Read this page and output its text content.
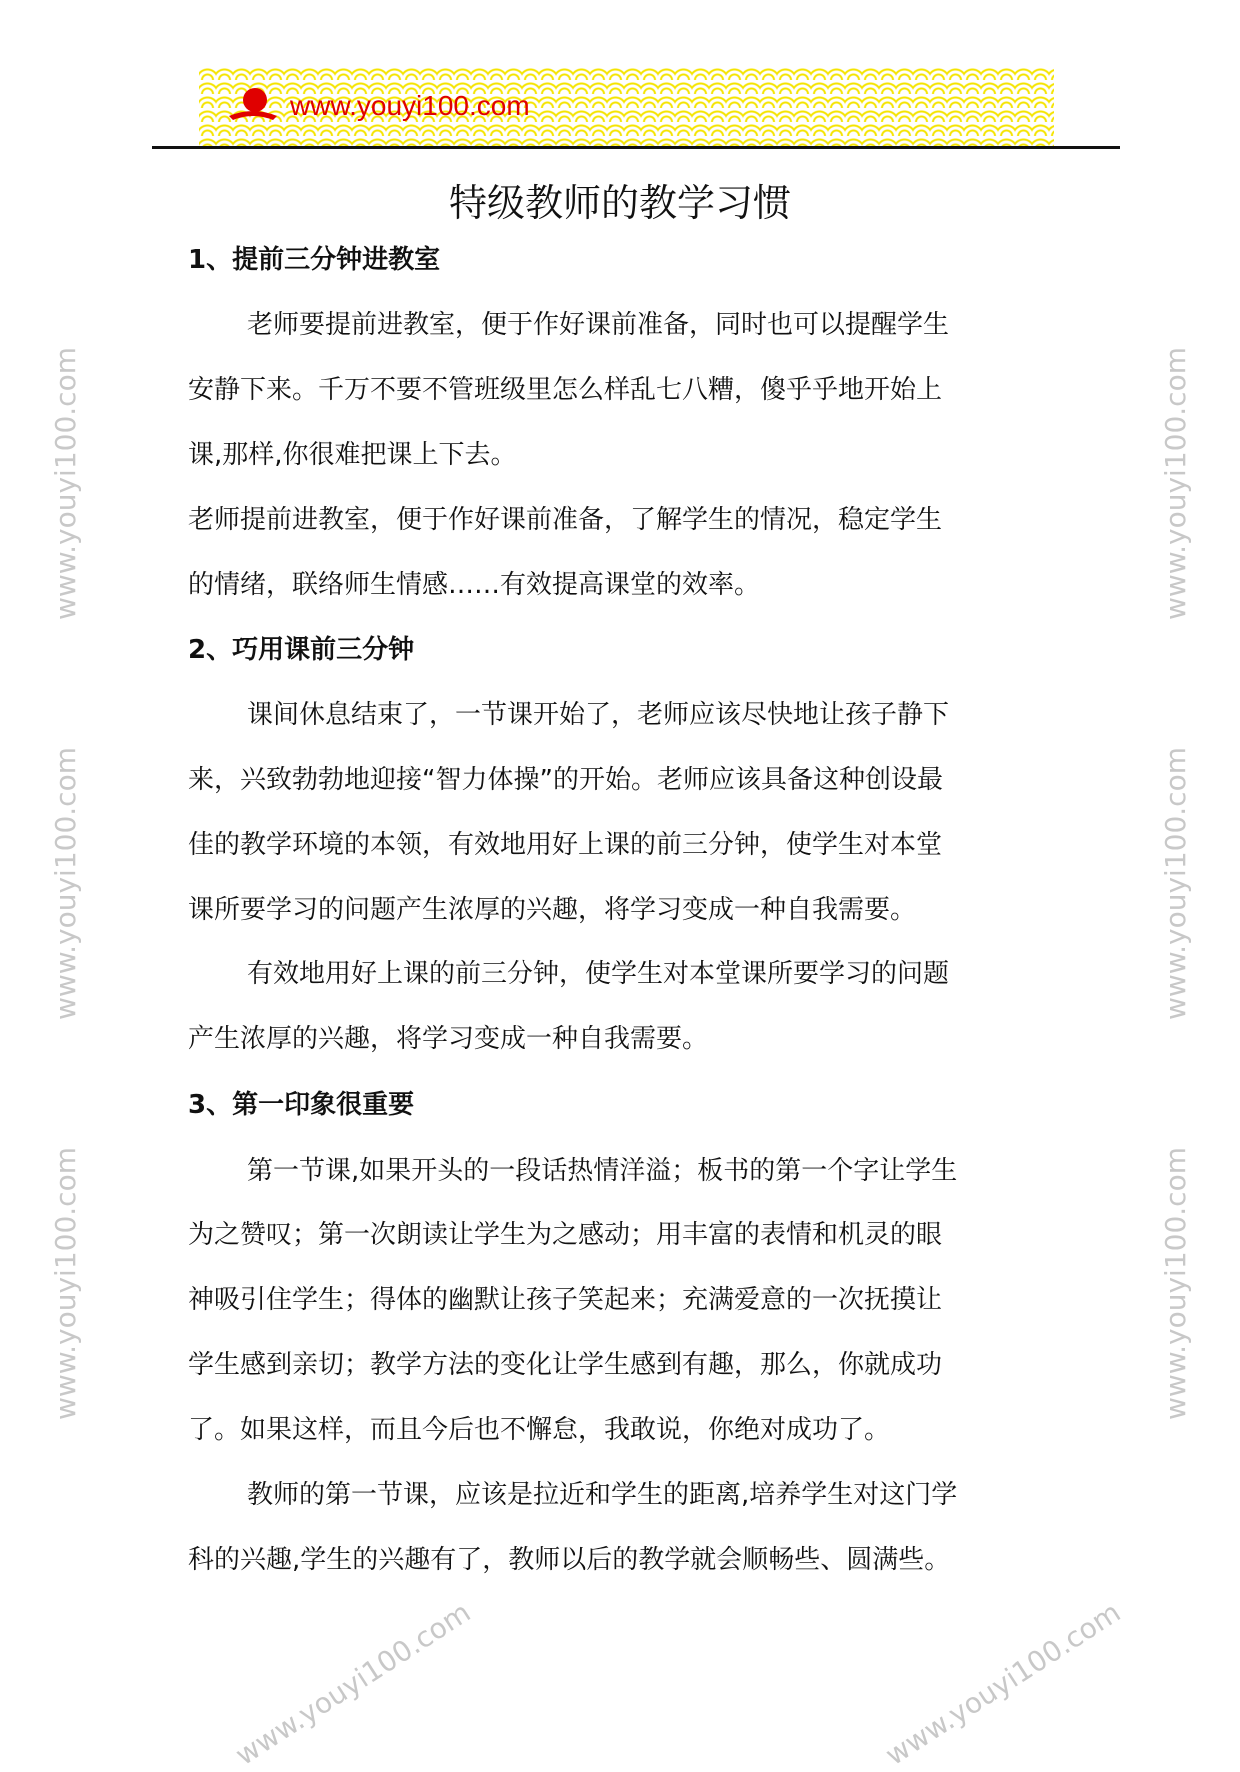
www.youyi100.com
特级教师的教学习惯
1、提前三分钟进教室
老师要提前进教室，便于作好课前准备，同时也可以提醒学生
安静下来。千万不要不管班级里怎么样乱七八糟，傻乎乎地开始上
课,那样,你很难把课上下去。
老师提前进教室，便于作好课前准备，了解学生的情况，稳定学生
的情绪，联络师生情感……有效提高课堂的效率。
2、巧用课前三分钟
课间休息结束了，一节课开始了，老师应该尽快地让孩子静下
来，兴致勃勃地迎接“智力体操”的开始。老师应该具备这种创设最
佳的教学环境的本领，有效地用好上课的前三分钟，使学生对本堂
课所要学习的问题产生浓厚的兴趣，将学习变成一种自我需要。
有效地用好上课的前三分钟，使学生对本堂课所要学习的问题
产生浓厚的兴趣，将学习变成一种自我需要。
3、第一印象很重要
第一节课,如果开头的一段话热情洋溢；板书的第一个字让学生
为之赞叹；第一次朗读让学生为之感动；用丰富的表情和机灵的眼
神吸引住学生；得体的幽默让孩子笑起来；充满爱意的一次抚摸让
学生感到亲切；教学方法的变化让学生感到有趣，那么，你就成功
了。如果这样，而且今后也不懈怠，我敢说，你绝对成功了。
教师的第一节课，应该是拉近和学生的距离,培养学生对这门学
科的兴趣,学生的兴趣有了，教师以后的教学就会顺畅些、圆满些。
www.youyi100.com
www.youyi100.com
www.youyi100.com
www.youyi100.com
www.youyi100.com
www.youyi100.com
www.youyi100.com	www.youyi100.com
